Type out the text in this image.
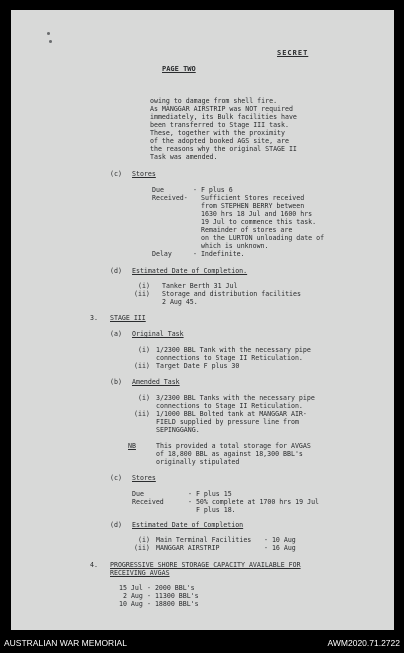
SECRET
PAGE TWO
owing to damage from shell fire.
As MANGGAR AIRSTRIP was NOT required
immediately, its Bulk facilities have
been transferred to Stage III task.
These, together with the proximity
of the adopted booked AGS site, are
the reasons why the original STAGE II
Task was amended.
(c) Stores
Due	- F plus 6
Received- Sufficient Stores received
from STEPHEN BERRY between
1630 hrs 18 Jul and 1600 hrs
19 Jul to commence this task.
Remainder of stores are
on the LURTON unloading date of
which is unknown.
Delay	- Indefinite.
(d) Estimated Date of Completion.
(i) Tanker Berth 31 Jul
(ii) Storage and distribution facilities
2 Aug 45.
3. STAGE III
(a) Original Task
(i) 1/2300 BBL Tank with the necessary pipe
connections to Stage II Reticulation.
(ii) Target Date F plus 30
(b) Amended Task
(i) 3/2300 BBL Tanks with the necessary pipe
connections to Stage II Reticulation.
(ii) 1/1000 BBL Bolted tank at MANGGAR AIR-
FIELD supplied by pressure line from
SEPINGGANG.
NB	This provided a total storage for AVGAS
of 18,800 BBL as against 18,300 BBL's
originally stipulated
(c) Stores
Due	- F plus 15
Received	- 50% complete at 1700 hrs 19 Jul
F plus 18.
(d) Estimated Date of Completion
(i) Main Terminal Facilities - 10 Aug
(ii) MANGGAR AIRSTRIP	- 16 Aug
4. PROGRESSIVE SHORE STORAGE CAPACITY AVAILABLE FOR
RECEIVING AVGAS
15 Jul - 2000 BBL's
2 Aug - 11300 BBL's
10 Aug - 18800 BBL's
AUSTRALIAN WAR MEMORIAL	AWM2020.71.2722
